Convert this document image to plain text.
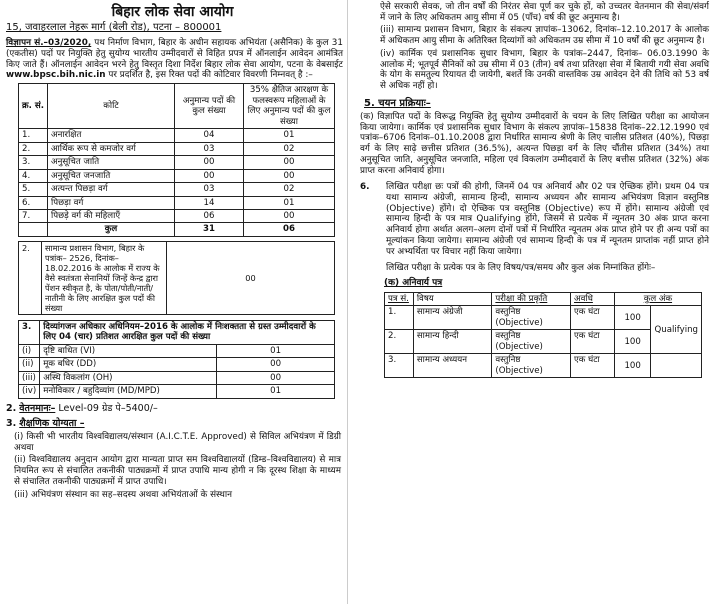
बिहार लोक सेवा आयोग

15, जवाहरलाल नेहरू मार्ग (बेली रोड), पटना – 800001

विज्ञापन सं.–03/2020, पथ निर्माण विभाग, बिहार के अधीन सहायक अभियंता (असैनिक) के कुल 31 (एकतीस) पदों पर नियुक्ति हेतु सुयोग्य भारतीय उम्मीदवारों से विहित प्रपत्र में ऑनलाईन आवेदन आमंत्रित किए जाते हैं। ऑनलाईन आवेदन भरने हेतु विस्तृत दिशा निर्देश बिहार लोक सेवा आयोग, पटना के वेबसाईट www.bpsc.bih.nic.in पर प्रदर्शित है, इस रिक्त पदों की कोटिवार विवरणी निम्नवत् है :–

क्र. सं.	कोटि	अनुमान्य पदों की कुल संख्या	35% क्षैतिज आरक्षण के फलस्वरूप महिलाओं के लिए अनुमान्य पदों की कुल संख्या
1.	अनारक्षित	04	01
2.	आर्थिक रूप से कमजोर वर्ग	03	02
3.	अनुसूचित जाति	00	00
4.	अनुसूचित जनजाति	00	00
5.	अत्यन्त पिछड़ा वर्ग	03	02
6.	पिछड़ा वर्ग	14	01
7.	पिछड़े वर्ग की महिलाएँ	06	00
	कुल	31	06
2.	सामान्य प्रशासन विभाग, बिहार के पत्रांक– 2526, दिनांक– 18.02.2016 के आलोक में राज्य के वैसे स्वतंत्रता सेनानियों जिन्हें केन्द्र द्वारा पेंशन स्वीकृत है, के पोता/पोती/नाती/नातीनी के लिए आरक्षित कुल पदों की संख्या	00
3.	दिव्यांगजन अधिकार अधिनियम–2016 के आलोक में निःशक्तता से ग्रस्त उम्मीदवारों के लिए 04 (चार) प्रतिशत आरक्षित कुल पदों की संख्या	
(i)	दृष्टि बाधित (VI)	01
(ii)	मूक बधिर (DD)	00
(iii)	अस्थि विकलांग (OH)	00
(iv)	मनोविकार / बहुदिव्यांग (MD/MPD)	01

2. वेतनमानः– Level-09 ग्रेड पे–5400/–

3. शैक्षणिक योग्यता –

(i) किसी भी भारतीय विश्वविद्यालय/संस्थान (A.I.C.T.E. Approved) से सिविल अभियंत्रण में डिग्री अथवा

(ii) विश्वविद्यालय अनुदान आयोग द्वारा मान्यता प्राप्त सम विश्वविद्यालयों (डिम्ड–विश्वविद्यालय) से मात्र नियमित रूप से संचालित तकनीकी पाठ्यक्रमों में प्राप्त उपाधि मान्य होगी न कि दूरस्थ शिक्षा के माध्यम से संचालित तकनीकी पाठ्यक्रमों में प्राप्त उपाधि।

(iii) अभियंत्रण संस्थान का सह–सदस्य अथवा अभियंताओं के संस्थान

ऐसे सरकारी सेवक, जो तीन वर्षों की निरंतर सेवा पूर्ण कर चुके हों, को उच्चतर वेतनमान की सेवा/संवर्ग में जाने के लिए अधिकतम आयु सीमा में 05 (पाँच) वर्ष की छूट अनुमान्य है।

(iii) सामान्य प्रशासन विभाग, बिहार के संकल्प ज्ञापांक–13062, दिनांक–12.10.2017 के आलोक में अधिकतम आयु सीमा के अतिरिक्त दिव्यांगों को अधिकतम उम्र सीमा में 10 वर्षों की छूट अनुमान्य है।

(iv) कार्मिक एवं प्रशासनिक सुधार विभाग, बिहार के पत्रांक–2447, दिनांक– 06.03.1990 के आलोक में; भूतपूर्व सैनिकों को उम्र सीमा में 03 (तीन) वर्ष तथा प्रतिरक्षा सेवा में बितायी गयी सेवा अवधि के योग के समतुल्य रियायत दी जायेगी, बशर्ते कि उनकी वास्तविक उम्र आवेदन देने की तिथि को 53 वर्ष से अधिक नहीं हो।

5. चयन प्रक्रियाः–

(क) विज्ञापित पदों के विरूद्ध नियुक्ति हेतु सुयोग्य उम्मीदवारों के चयन के लिए लिखित परीक्षा का आयोजन किया जायेगा। कार्मिक एवं प्रशासनिक सुधार विभाग के संकल्प ज्ञापांक–15838 दिनांक–22.12.1990 एवं पत्रांक–6706 दिनांक–01.10.2008 द्वारा निर्धारित सामान्य श्रेणी के लिए चालीस प्रतिशत (40%), पिछड़ा वर्ग के लिए साढ़े छत्तीस प्रतिशत (36.5%), अत्यन्त पिछड़ा वर्ग के लिए चौंतीस प्रतिशत (34%) तथा अनुसूचित जाति, अनुसूचित जनजाति, महिला एवं विकलांग उम्मीदवारों के लिए बत्तीस प्रतिशत (32%) अंक प्राप्त करना अनिवार्य होगा।

6.	लिखित परीक्षा छः पत्रों की होगी, जिनमें 04 पत्र अनिवार्य और 02 पत्र ऐच्छिक होंगे। प्रथम 04 पत्र यथा सामान्य अंग्रेजी, सामान्य हिन्दी, सामान्य अध्ययन और सामान्य अभियंत्रण विज्ञान वस्तुनिष्ठ (Objective) होंगे। दो ऐच्छिक पत्र वस्तुनिष्ठ (Objective) रूप में होंगे। सामान्य अंग्रेजी एवं सामान्य हिन्दी के पत्र मात्र Qualifying होंगे, जिसमें से प्रत्येक में न्यूनतम 30 अंक प्राप्त करना अनिवार्य होगा अर्थात अलग–अलग दोनों पत्रों में निर्धारित न्यूनतम अंक प्राप्त होने पर ही अन्य पत्रों का मूल्यांकन किया जायेगा। सामान्य अंग्रेजी एवं सामान्य हिन्दी के पत्र में न्यूनतम प्राप्तांक नहीं प्राप्त होने पर अभ्यर्थिता पर विचार नहीं किया जायेगा।

लिखित परीक्षा के प्रत्येक पत्र के लिए विषय/पत्र/समय और कुल अंक निम्नांकित होंगेः–

(क) अनिवार्य पत्र

पत्र सं.	विषय	परीक्षा की प्रकृति	अवधि	कुल अंक	
1.	सामान्य अंग्रेजी	वस्तुनिष्ठ (Objective)	एक घंटा	100	Qualifying
2.	सामान्य हिन्दी	वस्तुनिष्ठ (Objective)	एक घंटा	100	
3.	सामान्य अध्ययन	वस्तुनिष्ठ (Objective)	एक घंटा	100	
